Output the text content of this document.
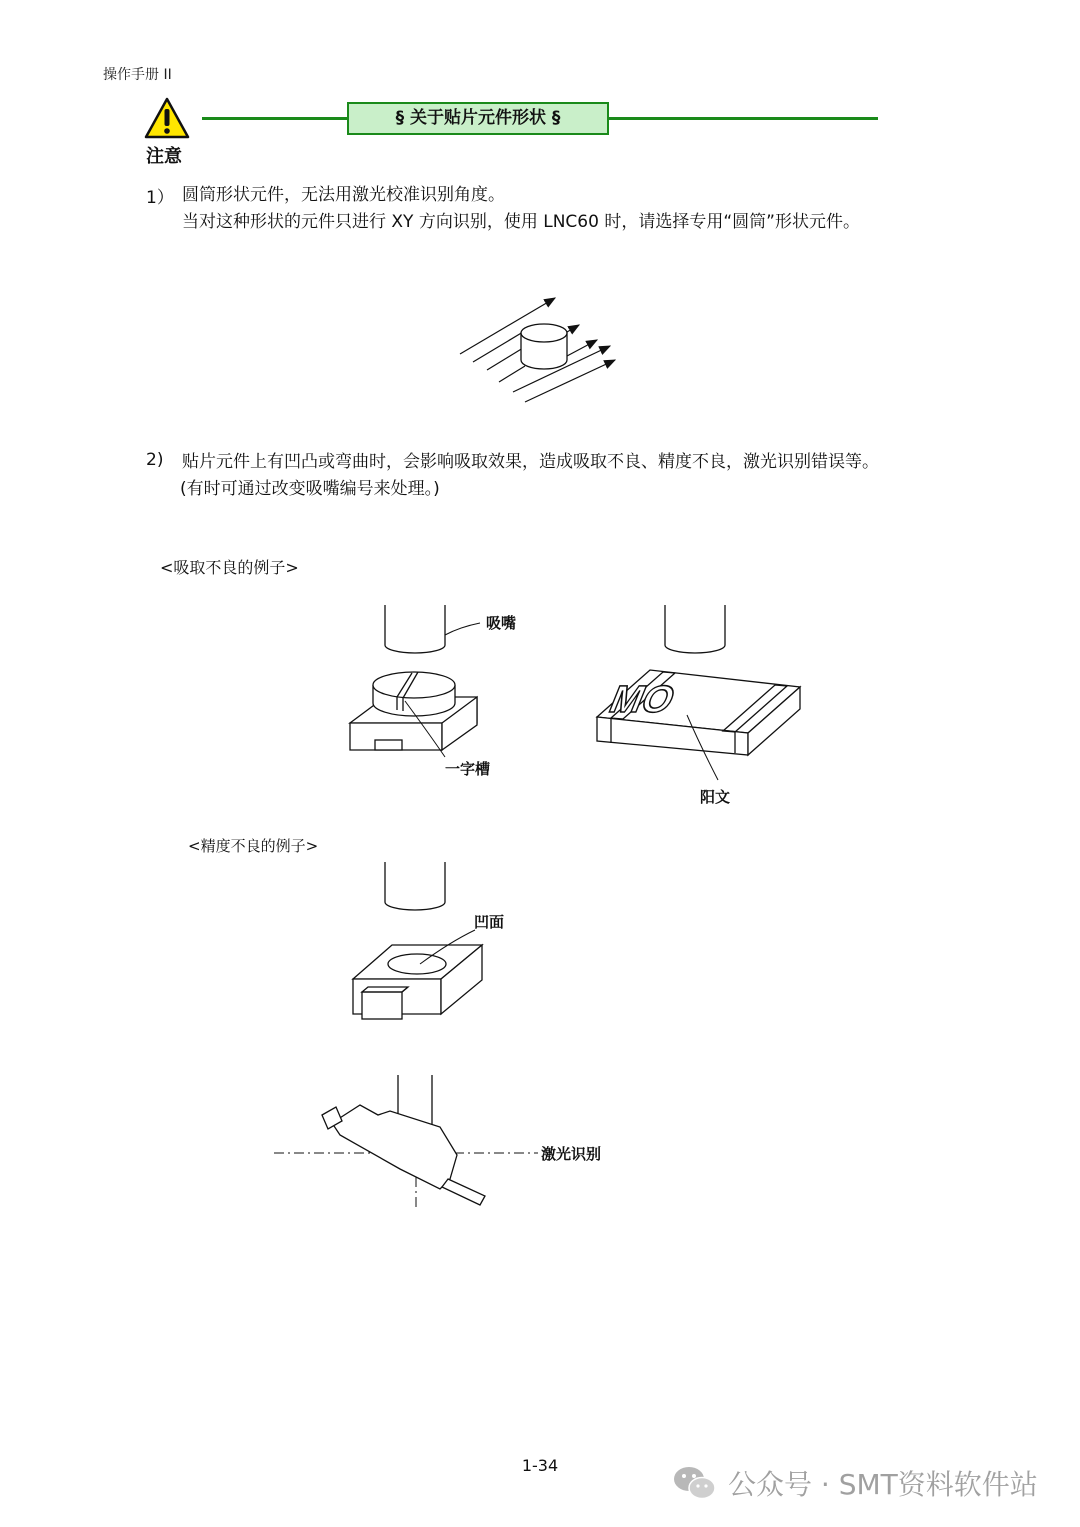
操作手册 II
注意
§ 关于贴片元件形状 §
1） 圆筒形状元件，无法用激光校准识别角度。
当对这种形状的元件只进行 XY 方向识别，使用 LNC60 时，请选择专用“圆筒”形状元件。
2) 贴片元件上有凹凸或弯曲时，会影响吸取效果，造成吸取不良、精度不良，激光识别错误等。
(有时可通过改变吸嘴编号来处理。)
<吸取不良的例子>
吸嘴
一字槽
MO
阳文
<精度不良的例子>
凹面
激光识别
1-34
公众号 · SMT资料软件站
